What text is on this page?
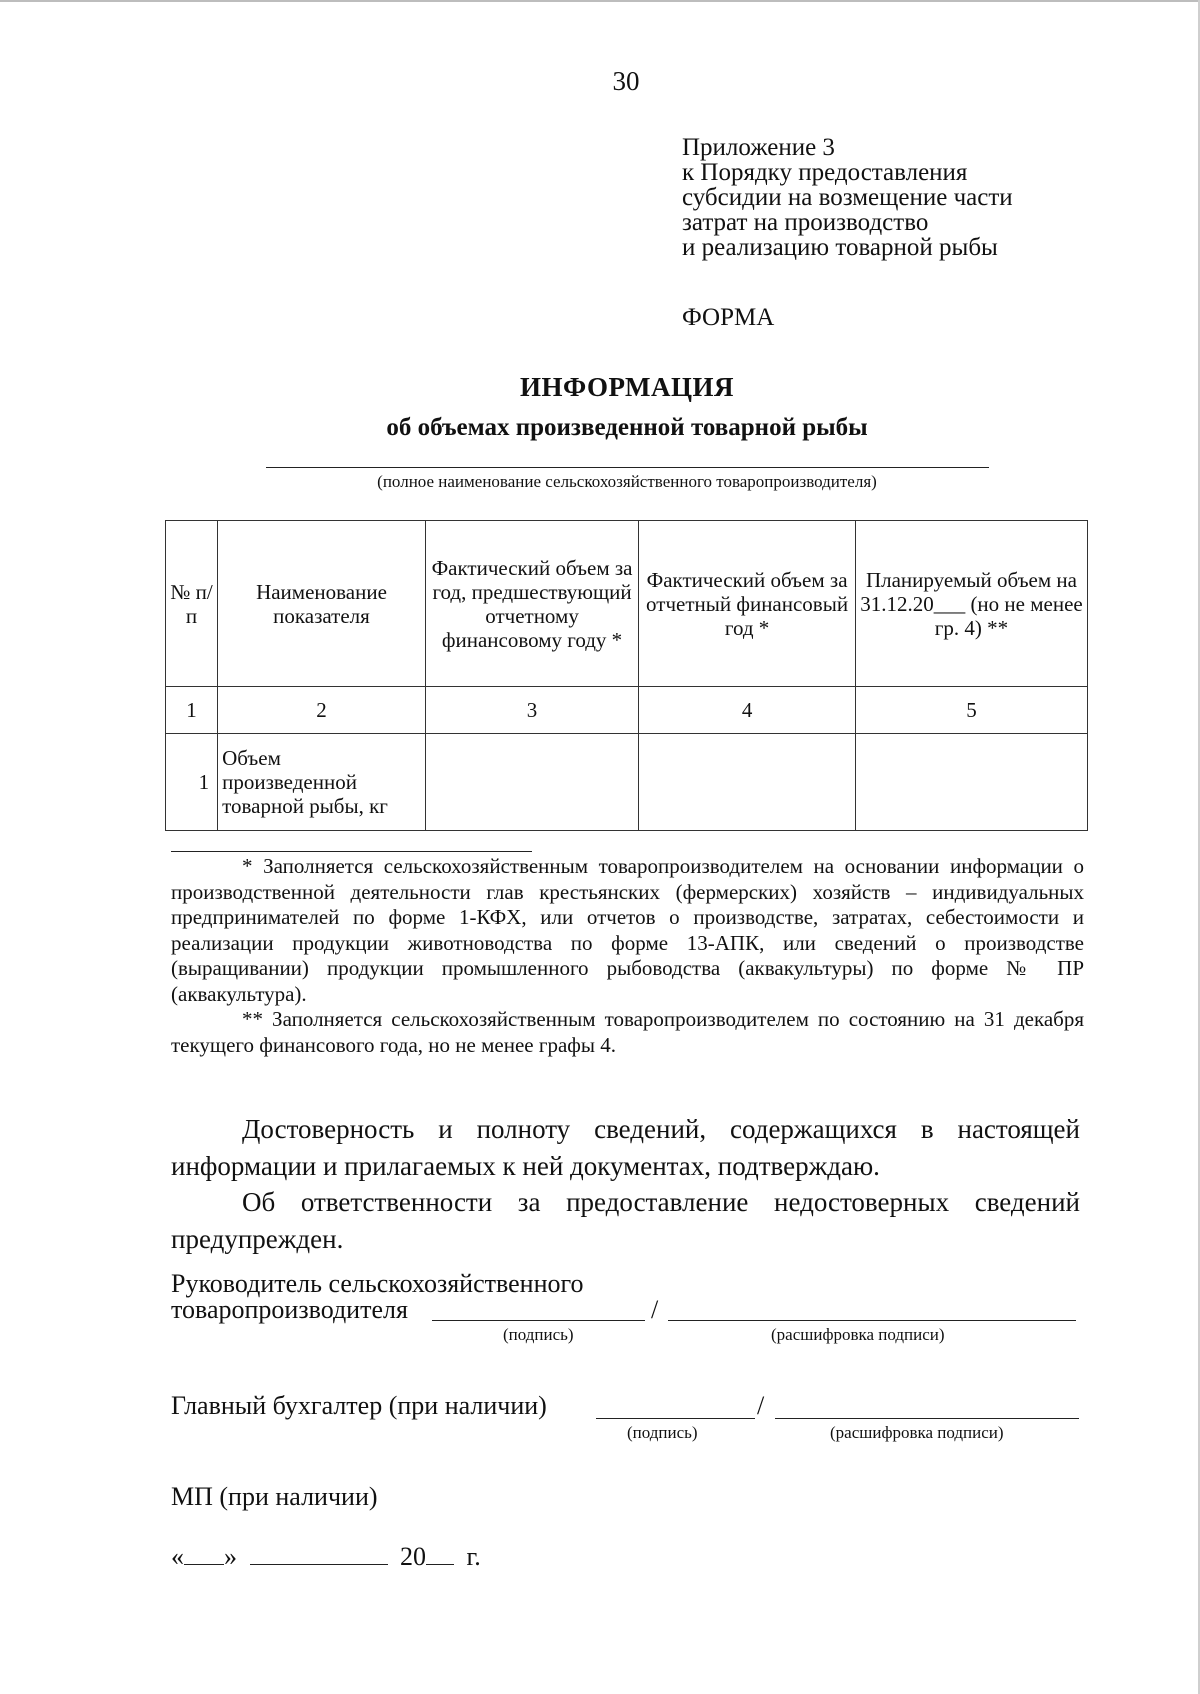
30
Приложение 3
к Порядку предоставления
субсидии на возмещение части
затрат на производство
и реализацию товарной рыбы
ФОРМА
ИНФОРМАЦИЯ
об объемах произведенной товарной рыбы
(полное наименование сельскохозяйственного товаропроизводителя)
№ п/п	Наименование показателя	Фактический объем за год, предшествующий отчетному финансовому году *	Фактический объем за отчетный финансовый год *	Планируемый объем на 31.12.20___ (но не менее гр. 4) **
1	2	3	4	5
1	Объем произведенной товарной рыбы, кг			

* Заполняется сельскохозяйственным товаропроизводителем на основании информации о производственной деятельности глав крестьянских (фермерских) хозяйств – индивидуальных предпринимателей по форме 1-КФХ, или отчетов о производстве, затратах, себестоимости и реализации продукции животноводства по форме 13-АПК, или сведений о производстве (выращивании) продукции промышленного рыбоводства (аквакультуры) по форме № ПР (аквакультура).

** Заполняется сельскохозяйственным товаропроизводителем по состоянию на 31 декабря текущего финансового года, но не менее графы 4.

Достоверность и полноту сведений, содержащихся в настоящей информации и прилагаемых к ней документах, подтверждаю.

Об ответственности за предоставление недостоверных сведений предупрежден.

Руководитель сельскохозяйственного
товаропроизводителя	/
(подпись)	(расшифровка подписи)
Главный бухгалтер (при наличии)	/
(подпись)	(расшифровка подписи)
МП (при наличии)
« »	20 г.
